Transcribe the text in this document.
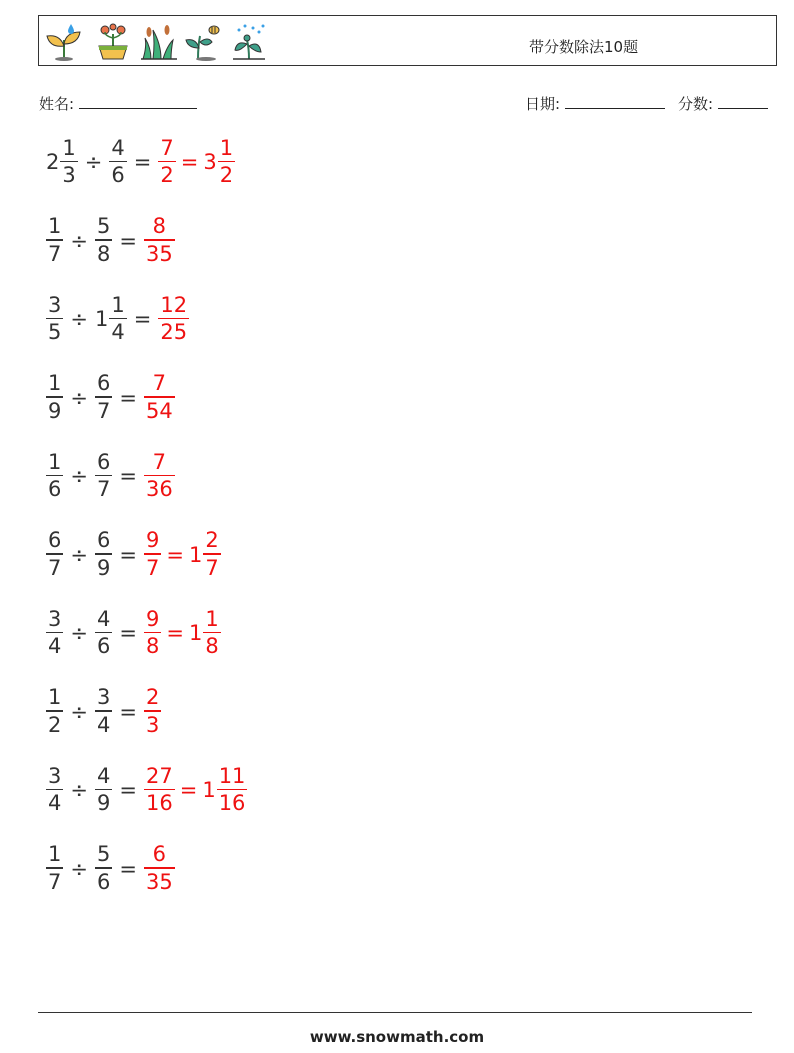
带分数除法10题
姓名:	日期:	分数:
$2 \frac{1}{3} \div \frac{4}{6} = \frac{7}{2} = 3 \frac{1}{2}$
$\frac{1}{7} \div \frac{5}{8} = \frac{8}{35}$
$\frac{3}{5} \div 1 \frac{1}{4} = \frac{12}{25}$
$\frac{1}{9} \div \frac{6}{7} = \frac{7}{54}$
$\frac{1}{6} \div \frac{6}{7} = \frac{7}{36}$
$\frac{6}{7} \div \frac{6}{9} = \frac{9}{7} = 1 \frac{2}{7}$
$\frac{3}{4} \div \frac{4}{6} = \frac{9}{8} = 1 \frac{1}{8}$
$\frac{1}{2} \div \frac{3}{4} = \frac{2}{3}$
$\frac{3}{4} \div \frac{4}{9} = \frac{27}{16} = 1 \frac{11}{16}$
$\frac{1}{7} \div \frac{5}{6} = \frac{6}{35}$
www.snowmath.com
